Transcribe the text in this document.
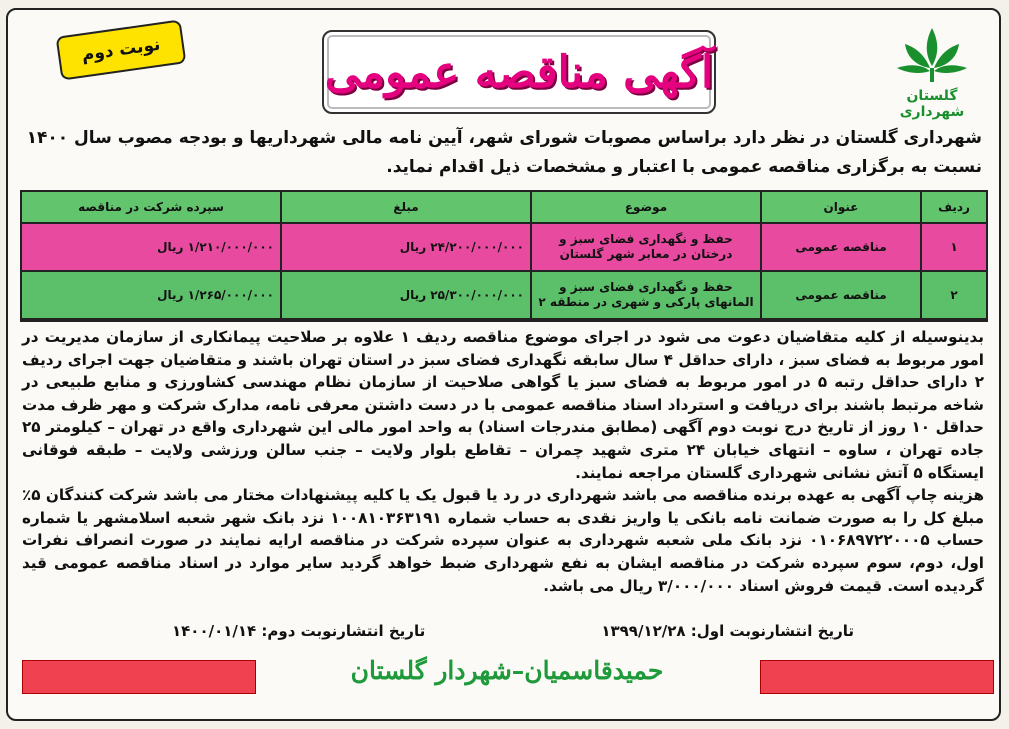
نوبت دوم	آگهی مناقصه عمومی	گلستان
شهرداری
شهرداری گلستان در نظر دارد براساس مصوبات شورای شهر، آیین نامه مالی شهرداریها و بودجه مصوب سال ۱۴۰۰ نسبت به برگزاری مناقصه عمومی با اعتبار و مشخصات ذیل اقدام نماید.
ردیف
عنوان
موضوع
مبلغ
سپرده شرکت در مناقصه
۱
مناقصه عمومی
حفظ و نگهداری فضای سبز و درختان در معابر شهر گلستان
۲۴/۲۰۰/۰۰۰/۰۰۰ ریال
۱/۲۱۰/۰۰۰/۰۰۰ ریال
۲
مناقصه عمومی
حفظ و نگهداری فضای سبز و المانهای پارکی و شهری در منطقه ۲
۲۵/۳۰۰/۰۰۰/۰۰۰ ریال
۱/۲۶۵/۰۰۰/۰۰۰ ریال
بدینوسیله از کلیه متقاضیان دعوت می شود در اجرای موضوع مناقصه ردیف ۱ علاوه بر صلاحیت پیمانکاری از سازمان مدیریت در امور مربوط به فضای سبز ، دارای حداقل ۴ سال سابقه نگهداری فضای سبز در استان تهران باشند و متقاضیان جهت اجرای ردیف ۲ دارای حداقل رتبه ۵ در امور مربوط به فضای سبز یا گواهی صلاحیت از سازمان نظام مهندسی کشاورزی و منابع طبیعی در شاخه مرتبط باشند برای دریافت و استرداد اسناد مناقصه عمومی با در دست داشتن معرفی نامه، مدارک شرکت و مهر ظرف مدت حداقل ۱۰ روز از تاریخ درج نوبت دوم آگهی (مطابق مندرجات اسناد) به واحد امور مالی این شهرداری واقع در تهران – کیلومتر ۲۵ جاده تهران ، ساوه – انتهای خیابان ۲۴ متری شهید چمران – تقاطع بلوار ولایت – جنب سالن ورزشی ولایت – طبقه فوقانی ایستگاه ۵ آتش نشانی شهرداری گلستان مراجعه نمایند.
هزینه چاپ آگهی به عهده برنده مناقصه می باشد شهرداری در رد یا قبول یک یا کلیه پیشنهادات مختار می باشد شرکت کنندگان ۵٪ مبلغ کل را به صورت ضمانت نامه بانکی یا واریز نقدی به حساب شماره ۱۰۰۸۱۰۳۶۳۱۹۱ نزد بانک شهر شعبه اسلامشهر یا شماره حساب ۰۱۰۶۸۹۷۲۲۰۰۰۵ نزد بانک ملی شعبه شهرداری به عنوان سپرده شرکت در مناقصه ارایه نمایند در صورت انصراف نفرات اول، دوم، سوم سپرده شرکت در مناقصه ایشان به نفع شهرداری ضبط خواهد گردید سایر موارد در اسناد مناقصه عمومی قید گردیده است. قیمت فروش اسناد ۳/۰۰۰/۰۰۰ ریال می باشد.
تاریخ انتشارنوبت اول: ۱۳۹۹/۱۲/۲۸
تاریخ انتشارنوبت دوم: ۱۴۰۰/۰۱/۱۴
حمیدقاسمیان–شهردار گلستان
